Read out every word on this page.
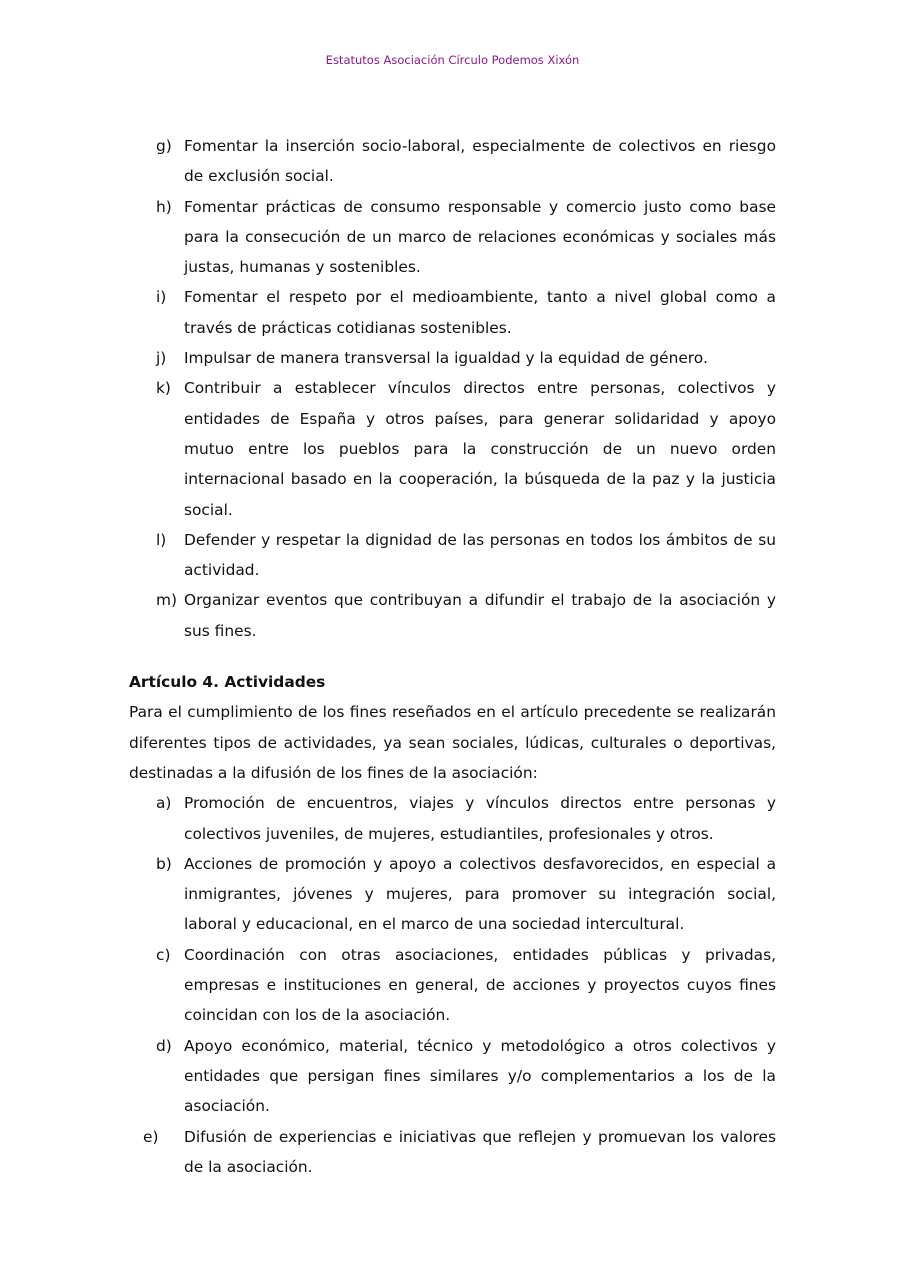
Estatutos Asociación Círculo Podemos Xixón
g) Fomentar la inserción socio-laboral, especialmente de colectivos en riesgo de exclusión social.
h) Fomentar prácticas de consumo responsable y comercio justo como base para la consecución de un marco de relaciones económicas y sociales más justas, humanas y sostenibles.
i) Fomentar el respeto por el medioambiente, tanto a nivel global como a través de prácticas cotidianas sostenibles.
j) Impulsar de manera transversal la igualdad y la equidad de género.
k) Contribuir a establecer vínculos directos entre personas, colectivos y entidades de España y otros países, para generar solidaridad y apoyo mutuo entre los pueblos para la construcción de un nuevo orden internacional basado en la cooperación, la búsqueda de la paz y la justicia social.
l) Defender y respetar la dignidad de las personas en todos los ámbitos de su actividad.
m) Organizar eventos que contribuyan a difundir el trabajo de la asociación y sus fines.
Artículo 4. Actividades
Para el cumplimiento de los fines reseñados en el artículo precedente se realizarán diferentes tipos de actividades, ya sean sociales, lúdicas, culturales o deportivas, destinadas a la difusión de los fines de la asociación:
a) Promoción de encuentros, viajes y vínculos directos entre personas y colectivos juveniles, de mujeres, estudiantiles, profesionales y otros.
b) Acciones de promoción y apoyo a colectivos desfavorecidos, en especial a inmigrantes, jóvenes y mujeres, para promover su integración social, laboral y educacional, en el marco de una sociedad intercultural.
c) Coordinación con otras asociaciones, entidades públicas y privadas, empresas e instituciones en general, de acciones y proyectos cuyos fines coincidan con los de la asociación.
d) Apoyo económico, material, técnico y metodológico a otros colectivos y entidades que persigan fines similares y/o complementarios a los de la asociación.
e) Difusión de experiencias e iniciativas que reflejen y promuevan los valores de la asociación.
